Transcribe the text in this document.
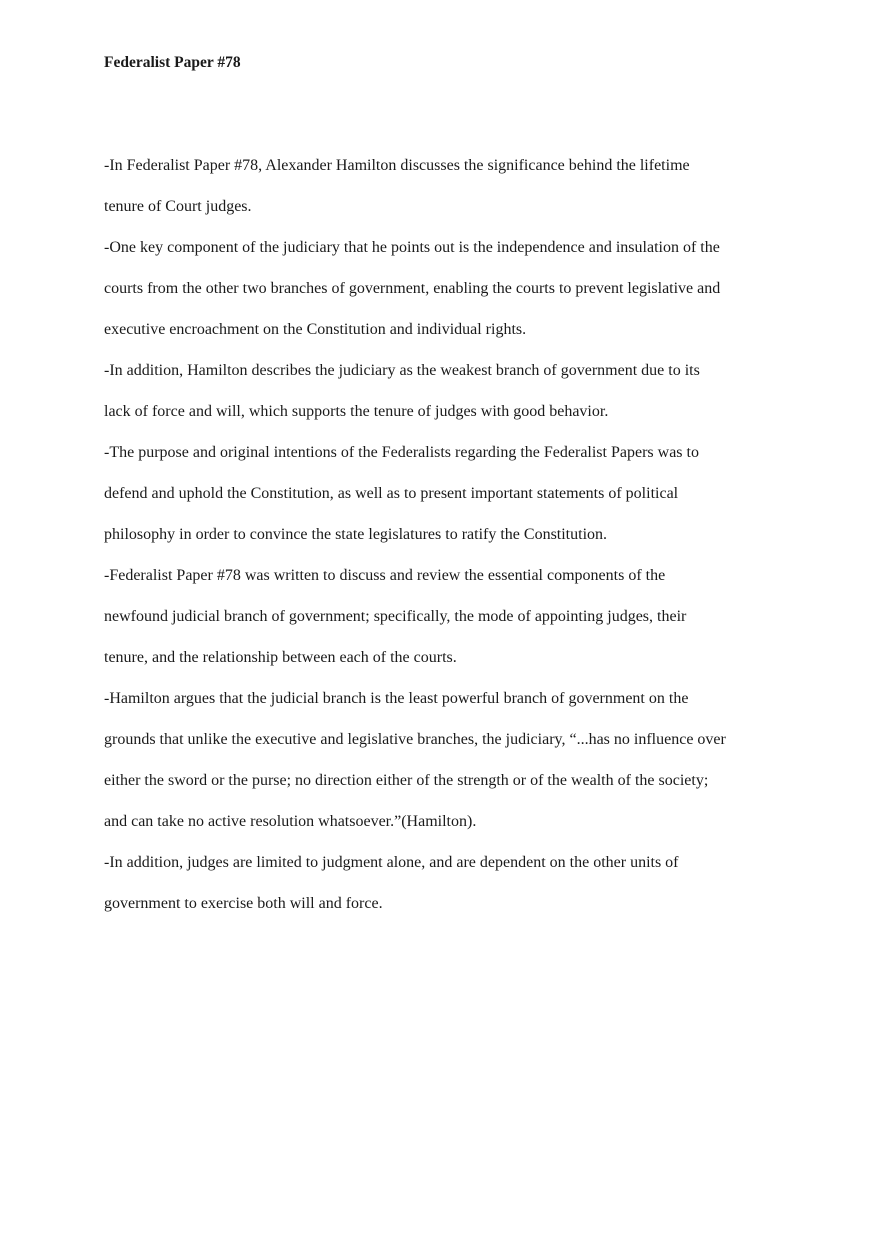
Federalist Paper #78
-In Federalist Paper #78, Alexander Hamilton discusses the significance behind the lifetime
tenure of Court judges.
-One key component of the judiciary that he points out is the independence and insulation of the
courts from the other two branches of government, enabling the courts to prevent legislative and
executive encroachment on the Constitution and individual rights.
-In addition, Hamilton describes the judiciary as the weakest branch of government due to its
lack of force and will, which supports the tenure of judges with good behavior.
-The purpose and original intentions of the Federalists regarding the Federalist Papers was to
defend and uphold the Constitution, as well as to present important statements of political
philosophy in order to convince the state legislatures to ratify the Constitution.
-Federalist Paper #78 was written to discuss and review the essential components of the
newfound judicial branch of government; specifically, the mode of appointing judges, their
tenure, and the relationship between each of the courts.
-Hamilton argues that the judicial branch is the least powerful branch of government on the
grounds that unlike the executive and legislative branches, the judiciary, “...has no influence over
either the sword or the purse; no direction either of the strength or of the wealth of the society;
and can take no active resolution whatsoever.”(Hamilton).
-In addition, judges are limited to judgment alone, and are dependent on the other units of
government to exercise both will and force.
